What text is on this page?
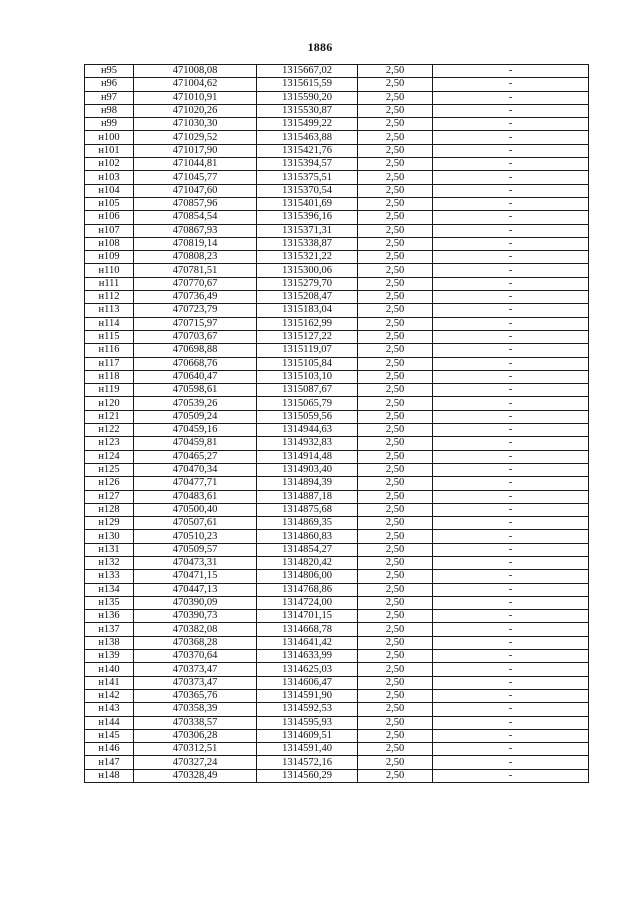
1886
н95	471008,08	1315667,02	2,50	-
н96	471004,62	1315615,59	2,50	-
н97	471010,91	1315590,20	2,50	-
н98	471020,26	1315530,87	2,50	-
н99	471030,30	1315499,22	2,50	-
н100	471029,52	1315463,88	2,50	-
н101	471017,90	1315421,76	2,50	-
н102	471044,81	1315394,57	2,50	-
н103	471045,77	1315375,51	2,50	-
н104	471047,60	1315370,54	2,50	-
н105	470857,96	1315401,69	2,50	-
н106	470854,54	1315396,16	2,50	-
н107	470867,93	1315371,31	2,50	-
н108	470819,14	1315338,87	2,50	-
н109	470808,23	1315321,22	2,50	-
н110	470781,51	1315300,06	2,50	-
н111	470770,67	1315279,70	2,50	-
н112	470736,49	1315208,47	2,50	-
н113	470723,79	1315183,04	2,50	-
н114	470715,97	1315162,99	2,50	-
н115	470703,67	1315127,22	2,50	-
н116	470698,88	1315119,07	2,50	-
н117	470668,76	1315105,84	2,50	-
н118	470640,47	1315103,10	2,50	-
н119	470598,61	1315087,67	2,50	-
н120	470539,26	1315065,79	2,50	-
н121	470509,24	1315059,56	2,50	-
н122	470459,16	1314944,63	2,50	-
н123	470459,81	1314932,83	2,50	-
н124	470465,27	1314914,48	2,50	-
н125	470470,34	1314903,40	2,50	-
н126	470477,71	1314894,39	2,50	-
н127	470483,61	1314887,18	2,50	-
н128	470500,40	1314875,68	2,50	-
н129	470507,61	1314869,35	2,50	-
н130	470510,23	1314860,83	2,50	-
н131	470509,57	1314854,27	2,50	-
н132	470473,31	1314820,42	2,50	-
н133	470471,15	1314806,00	2,50	-
н134	470447,13	1314768,86	2,50	-
н135	470390,09	1314724,00	2,50	-
н136	470390,73	1314701,15	2,50	-
н137	470382,08	1314668,78	2,50	-
н138	470368,28	1314641,42	2,50	-
н139	470370,64	1314633,99	2,50	-
н140	470373,47	1314625,03	2,50	-
н141	470373,47	1314606,47	2,50	-
н142	470365,76	1314591,90	2,50	-
н143	470358,39	1314592,53	2,50	-
н144	470338,57	1314595,93	2,50	-
н145	470306,28	1314609,51	2,50	-
н146	470312,51	1314591,40	2,50	-
н147	470327,24	1314572,16	2,50	-
н148	470328,49	1314560,29	2,50	-
